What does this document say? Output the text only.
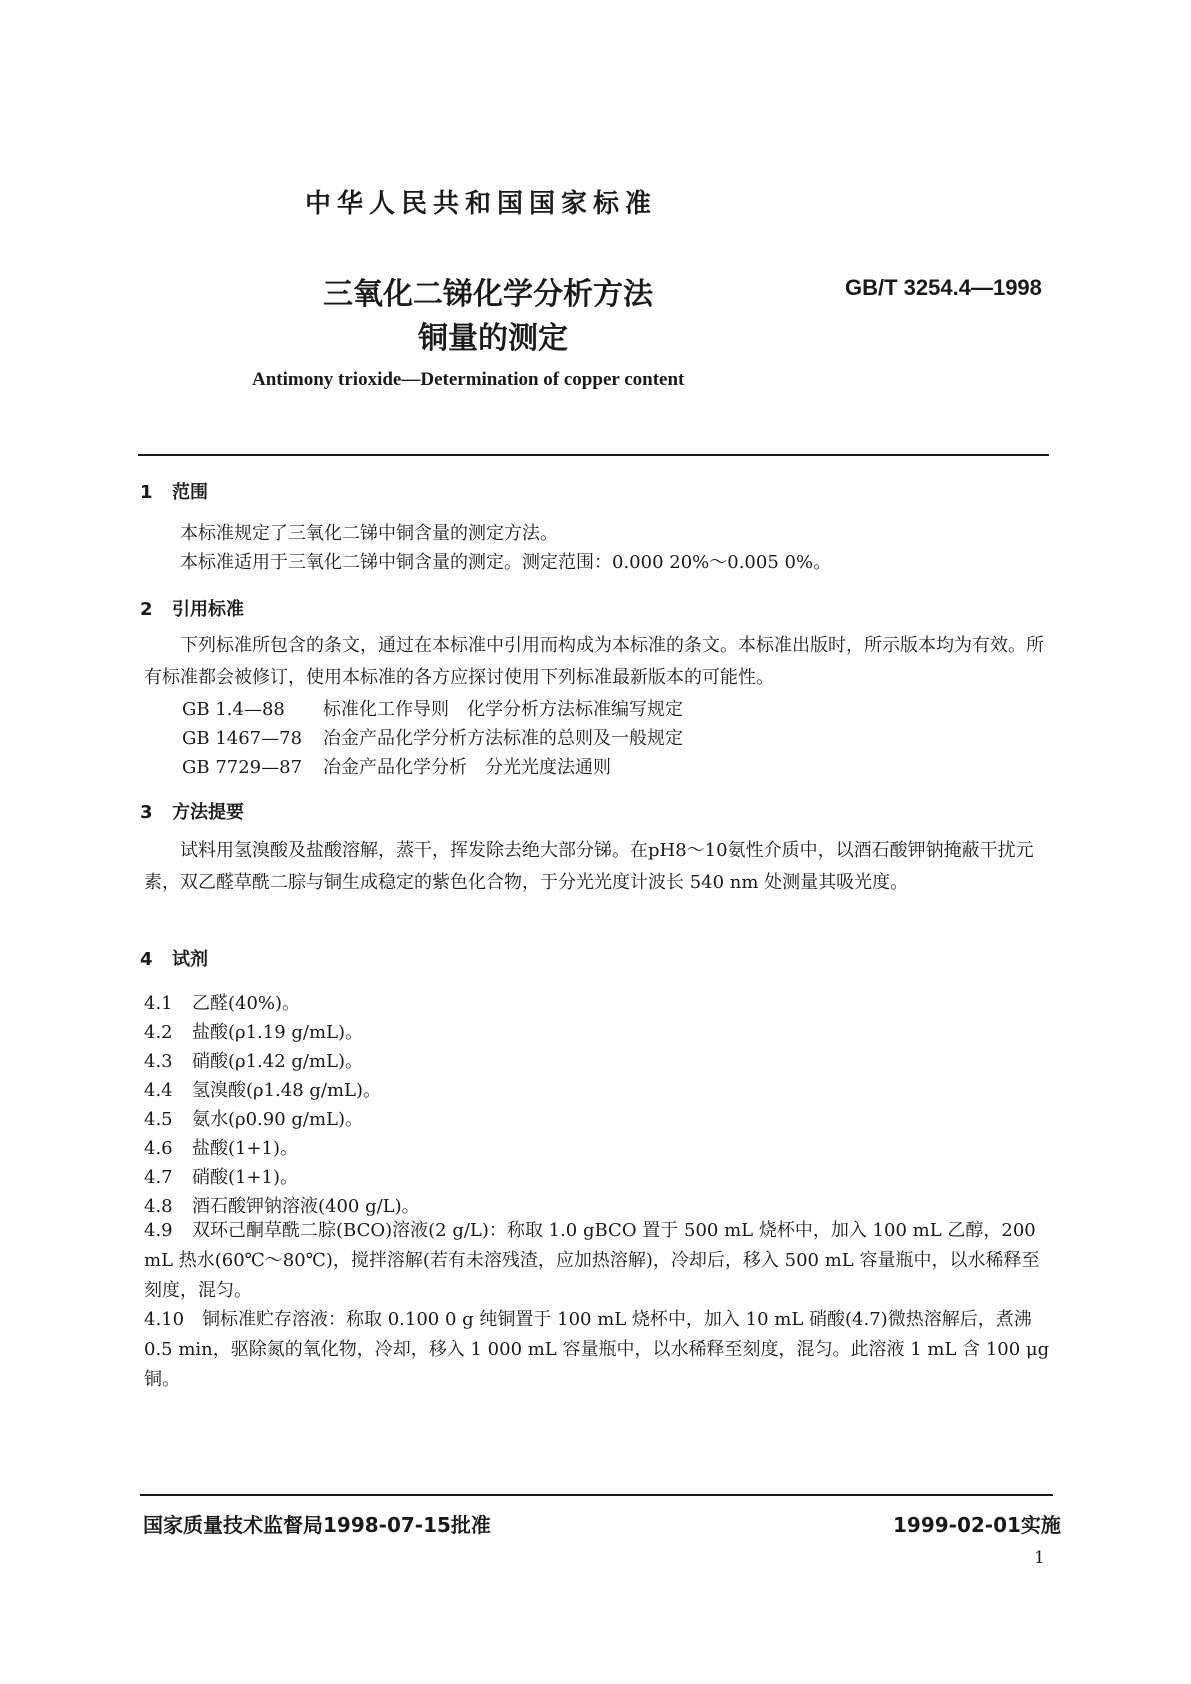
中华人民共和国国家标准
三氧化二锑化学分析方法
铜量的测定
GB/T 3254.4—1998
Antimony trioxide—Determination of copper content
1 范围
本标准规定了三氧化二锑中铜含量的测定方法。
本标准适用于三氧化二锑中铜含量的测定。测定范围：0.000 20%～0.005 0%。
2 引用标准
下列标准所包含的条文，通过在本标准中引用而构成为本标准的条文。本标准出版时，所示版本均为有效。所有标准都会被修订，使用本标准的各方应探讨使用下列标准最新版本的可能性。
GB 1.4—88 标准化工作导则　化学分析方法标准编写规定
GB 1467—78 冶金产品化学分析方法标准的总则及一般规定
GB 7729—87 冶金产品化学分析　分光光度法通则
3 方法提要
试料用氢溴酸及盐酸溶解，蒸干，挥发除去绝大部分锑。在pH8～10氨性介质中，以酒石酸钾钠掩蔽干扰元素，双乙醛草酰二腙与铜生成稳定的紫色化合物，于分光光度计波长 540 nm 处测量其吸光度。
4 试剂
4.1 乙醛(40%)。
4.2 盐酸(ρ1.19 g/mL)。
4.3 硝酸(ρ1.42 g/mL)。
4.4 氢溴酸(ρ1.48 g/mL)。
4.5 氨水(ρ0.90 g/mL)。
4.6 盐酸(1+1)。
4.7 硝酸(1+1)。
4.8 酒石酸钾钠溶液(400 g/L)。
4.9 双环己酮草酰二腙(BCO)溶液(2 g/L)：称取 1.0 gBCO 置于 500 mL 烧杯中，加入 100 mL 乙醇，200 mL 热水(60℃～80℃)，搅拌溶解(若有未溶残渣，应加热溶解)，冷却后，移入 500 mL 容量瓶中，以水稀释至刻度，混匀。
4.10 铜标准贮存溶液：称取 0.100 0 g 纯铜置于 100 mL 烧杯中，加入 10 mL 硝酸(4.7)微热溶解后，煮沸 0.5 min，驱除氮的氧化物，冷却，移入 1 000 mL 容量瓶中，以水稀释至刻度，混匀。此溶液 1 mL 含 100 μg 铜。
国家质量技术监督局1998-07-15批准	1999-02-01实施
1
